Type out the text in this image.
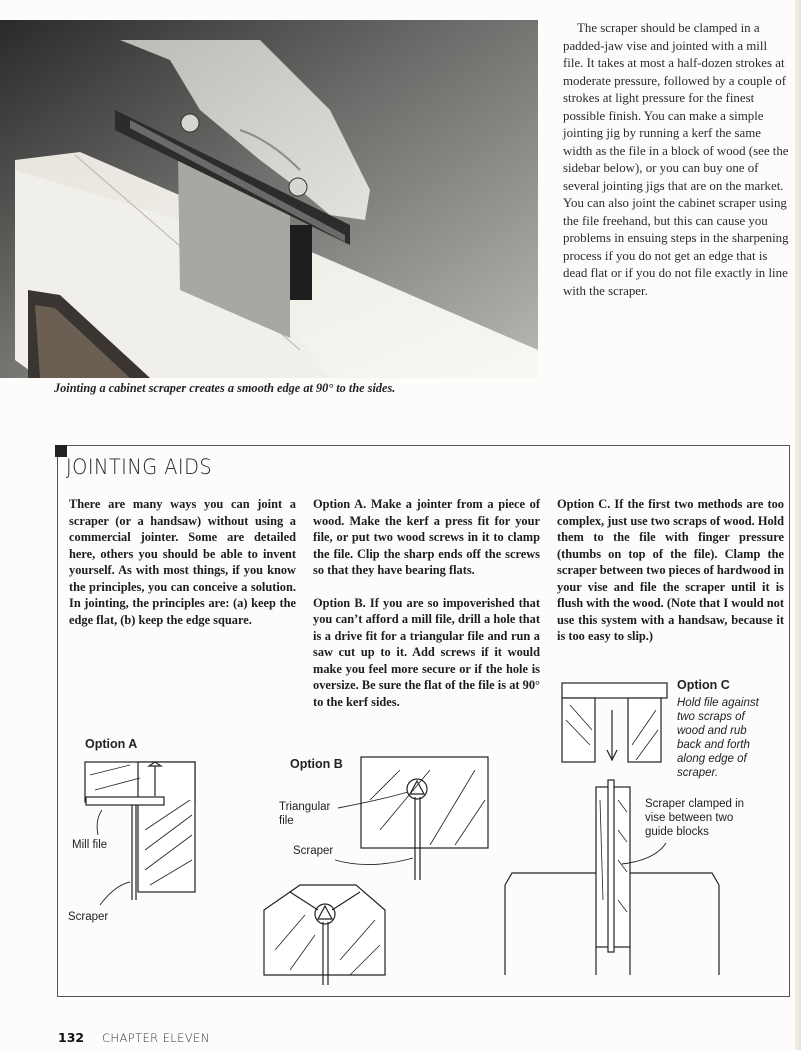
Jointing a cabinet scraper creates a smooth edge at 90° to the sides.
The scraper should be clamped in a padded-jaw vise and jointed with a mill file. It takes at most a half-dozen strokes at moderate pressure, followed by a couple of strokes at light pressure for the finest possible finish. You can make a simple jointing jig by running a kerf the same width as the file in a block of wood (see the sidebar below), or you can buy one of several jointing jigs that are on the market. You can also joint the cabinet scraper using the file freehand, but this can cause you problems in ensuing steps in the sharpening process if you do not get an edge that is dead flat or if you do not file exactly in line with the scraper.
JOINTING AIDS

There are many ways you can joint a scraper (or a handsaw) without using a commercial jointer. Some are detailed here, others you should be able to invent yourself. As with most things, if you know the principles, you can conceive a solution. In jointing, the principles are: (a) keep the edge flat, (b) keep the edge square.

Option A. Make a jointer from a piece of wood. Make the kerf a press fit for your file, or put two wood screws in it to clamp the file. Clip the sharp ends off the screws so that they have bearing flats.

Option B. If you are so impoverished that you can’t afford a mill file, drill a hole that is a drive fit for a triangular file and run a saw cut up to it. Add screws if it would make you feel more secure or if the hole is oversize. Be sure the flat of the file is at 90° to the kerf sides.

Option C. If the first two methods are too complex, just use two scraps of wood. Hold them to the file with finger pressure (thumbs on top of the file). Clamp the scraper between two pieces of hardwood in your vise and file the scraper until it is flush with the wood. (Note that I would not use this system with a handsaw, because it is too easy to slip.)

Option A
Mill file
Scraper
Option B
Triangular file
Scraper
Option C
Hold file against two scraps of wood and rub back and forth along edge of scraper.
Scraper clamped in vise between two guide blocks
132 CHAPTER ELEVEN
